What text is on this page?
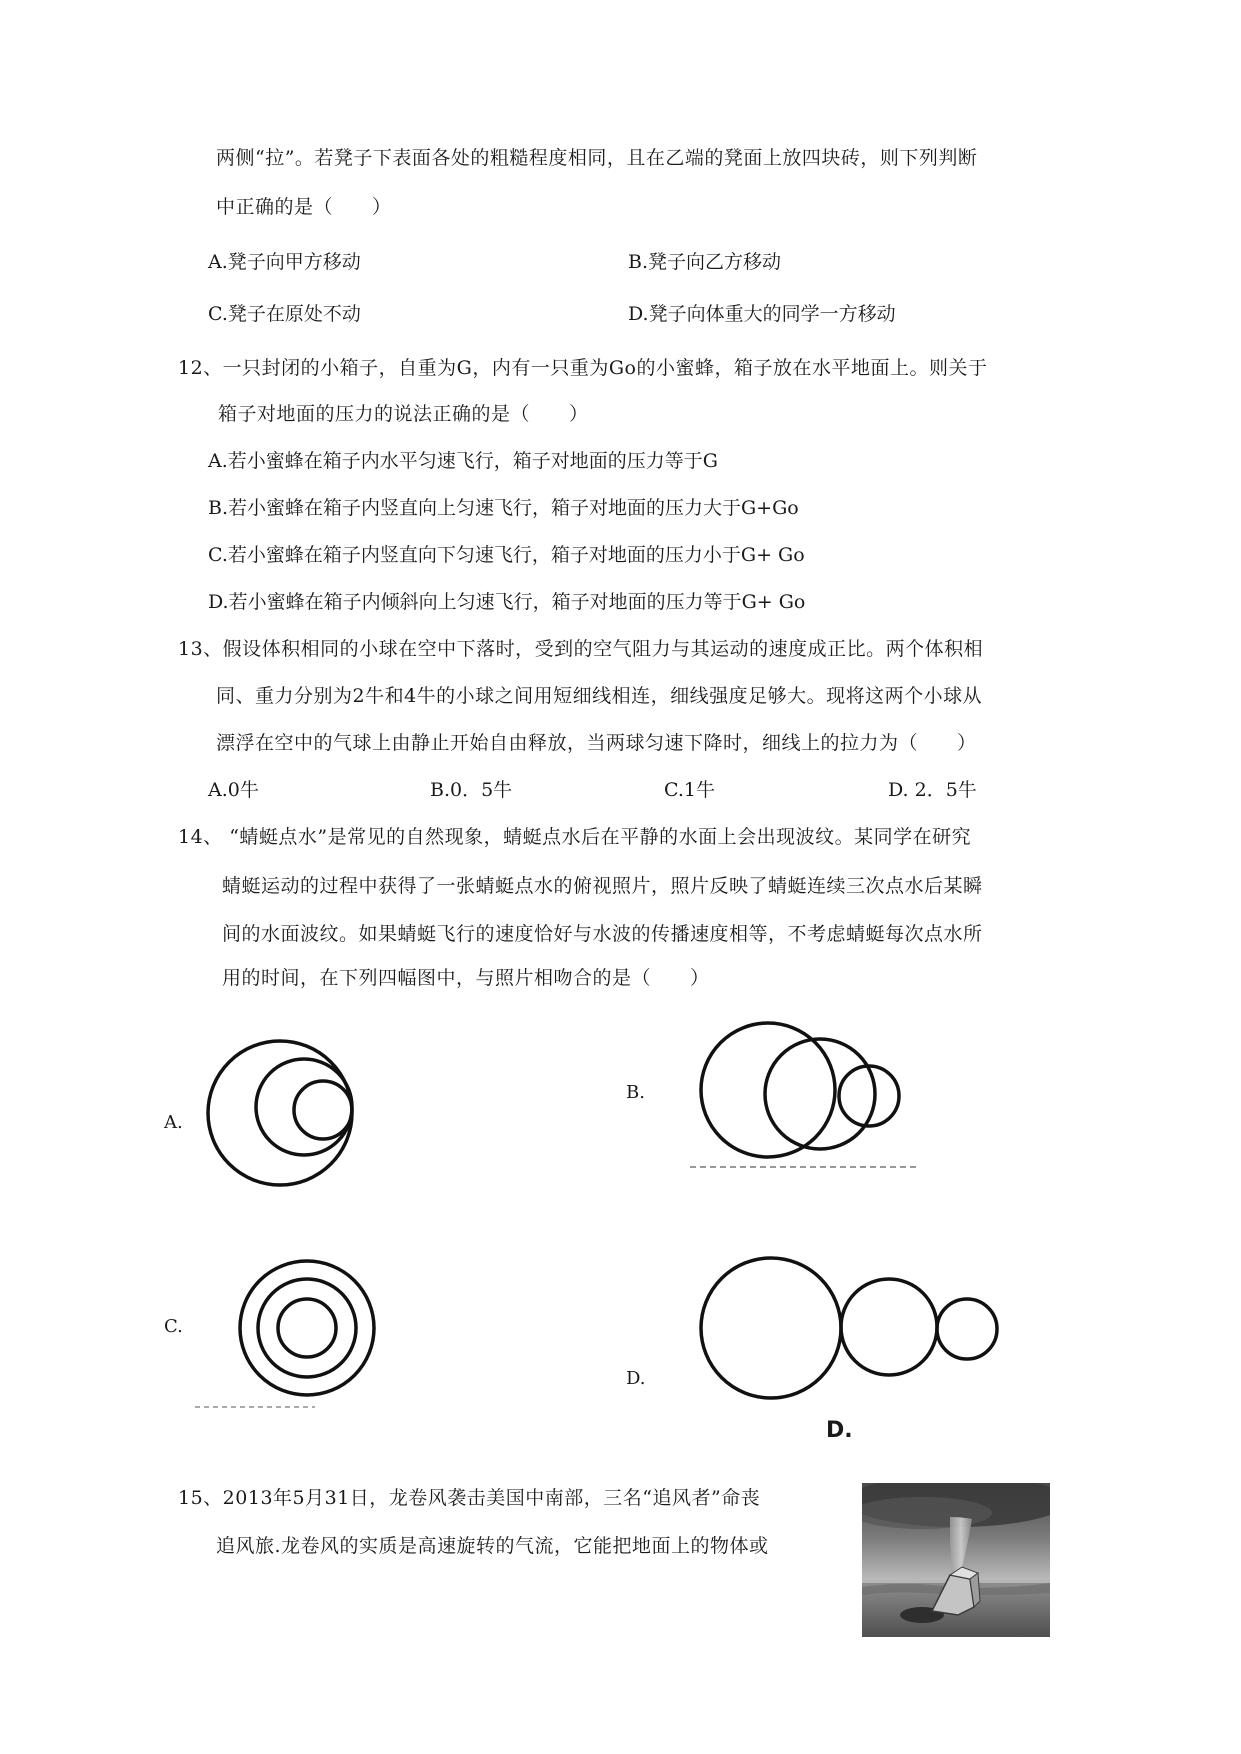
两侧“拉”。若凳子下表面各处的粗糙程度相同，且在乙端的凳面上放四块砖，则下列判断
中正确的是（　　）
A.凳子向甲方移动	B.凳子向乙方移动
C.凳子在原处不动	D.凳子向体重大的同学一方移动
12、一只封闭的小箱子，自重为G，内有一只重为Go的小蜜蜂，箱子放在水平地面上。则关于
箱子对地面的压力的说法正确的是（　　）
A.若小蜜蜂在箱子内水平匀速飞行，箱子对地面的压力等于G
B.若小蜜蜂在箱子内竖直向上匀速飞行，箱子对地面的压力大于G+Go
C.若小蜜蜂在箱子内竖直向下匀速飞行，箱子对地面的压力小于G+ Go
D.若小蜜蜂在箱子内倾斜向上匀速飞行，箱子对地面的压力等于G+ Go
13、假设体积相同的小球在空中下落时，受到的空气阻力与其运动的速度成正比。两个体积相
同、重力分别为2牛和4牛的小球之间用短细线相连，细线强度足够大。现将这两个小球从
漂浮在空中的气球上由静止开始自由释放，当两球匀速下降时，细线上的拉力为（　　）
A.0牛	B.0．5牛	C.1牛	D. 2．5牛
14、 “蜻蜓点水”是常见的自然现象，蜻蜓点水后在平静的水面上会出现波纹。某同学在研究
蜻蜓运动的过程中获得了一张蜻蜓点水的俯视照片，照片反映了蜻蜓连续三次点水后某瞬
间的水面波纹。如果蜻蜓飞行的速度恰好与水波的传播速度相等，不考虑蜻蜓每次点水所
用的时间，在下列四幅图中，与照片相吻合的是（　　）
A.
B.
C.
D.
D.
15、2013年5月31日，龙卷风袭击美国中南部，三名“追风者”命丧
追风旅.龙卷风的实质是高速旋转的气流，它能把地面上的物体或
